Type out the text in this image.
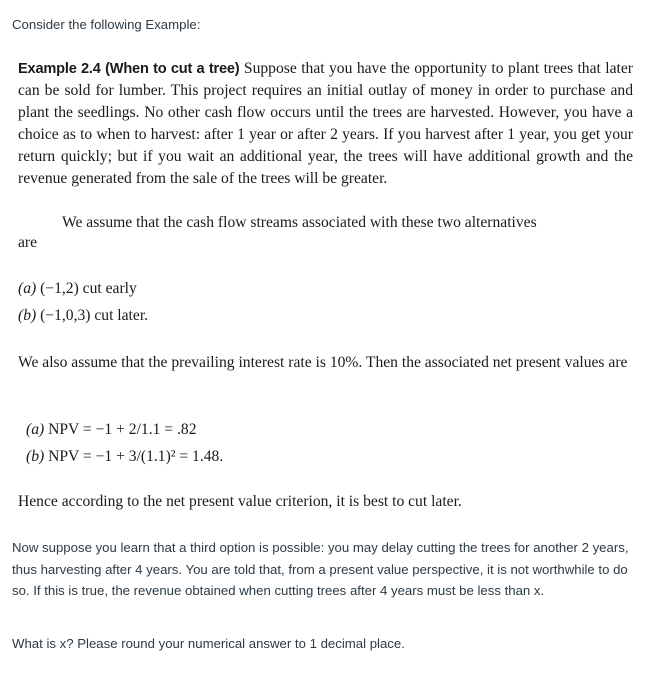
Consider the following Example:

Example 2.4 (When to cut a tree) Suppose that you have the opportunity to plant trees that later can be sold for lumber. This project requires an initial outlay of money in order to purchase and plant the seedlings. No other cash flow occurs until the trees are harvested. However, you have a choice as to when to harvest: after 1 year or after 2 years. If you harvest after 1 year, you get your return quickly; but if you wait an additional year, the trees will have additional growth and the revenue generated from the sale of the trees will be greater.
We assume that the cash flow streams associated with these two alternatives
are
(a) (−1,2) cut early
(b) (−1,0,3) cut later.
We also assume that the prevailing interest rate is 10%. Then the associated net present values are
(a) NPV = −1 + 2/1.1 = .82
(b) NPV = −1 + 3/(1.1)² = 1.48.
Hence according to the net present value criterion, it is best to cut later.

Now suppose you learn that a third option is possible: you may delay cutting the trees for another 2 years, thus harvesting after 4 years. You are told that, from a present value perspective, it is not worthwhile to do so. If this is true, the revenue obtained when cutting trees after 4 years must be less than x.

What is x? Please round your numerical answer to 1 decimal place.
